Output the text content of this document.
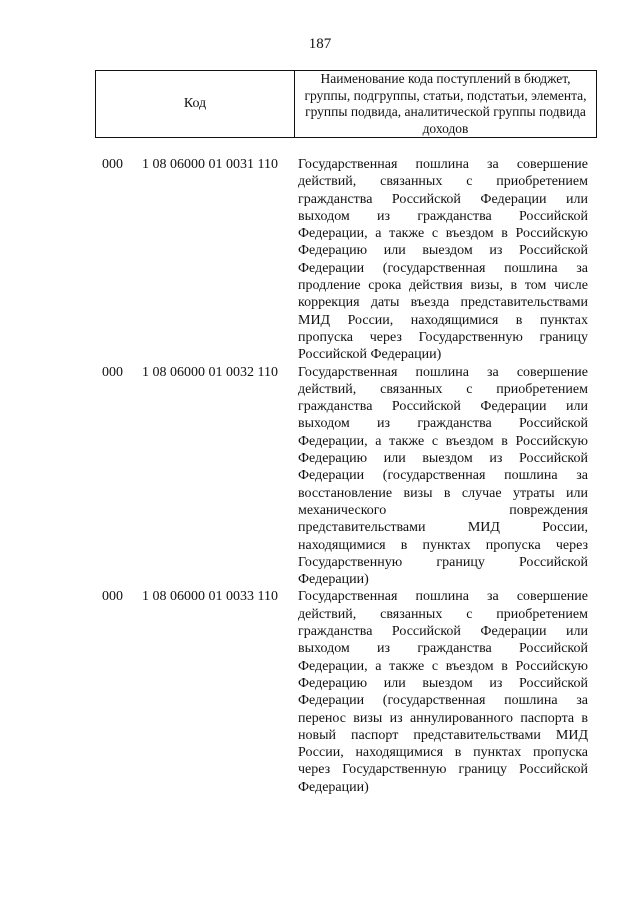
187
Код
Наименование кода поступлений в бюджет, группы, подгруппы, статьи, подстатьи, элемента, группы подвида, аналитической группы подвида доходов
000 1 08 06000 01 0031 110 Государственная пошлина за совершение действий, связанных с приобретением гражданства Российской Федерации или выходом из гражданства Российской Федерации, а также с въездом в Российскую Федерацию или выездом из Российской Федерации (государственная пошлина за продление срока действия визы, в том числе коррекция даты въезда представительствами МИД России, находящимися в пунктах пропуска через Государственную границу Российской Федерации)
000 1 08 06000 01 0032 110 Государственная пошлина за совершение действий, связанных с приобретением гражданства Российской Федерации или выходом из гражданства Российской Федерации, а также с въездом в Российскую Федерацию или выездом из Российской Федерации (государственная пошлина за восстановление визы в случае утраты или механического повреждения представительствами МИД России, находящимися в пунктах пропуска через Государственную границу Российской Федерации)
000 1 08 06000 01 0033 110 Государственная пошлина за совершение действий, связанных с приобретением гражданства Российской Федерации или выходом из гражданства Российской Федерации, а также с въездом в Российскую Федерацию или выездом из Российской Федерации (государственная пошлина за перенос визы из аннулированного паспорта в новый паспорт представительствами МИД России, находящимися в пунктах пропуска через Государственную границу Российской Федерации)
